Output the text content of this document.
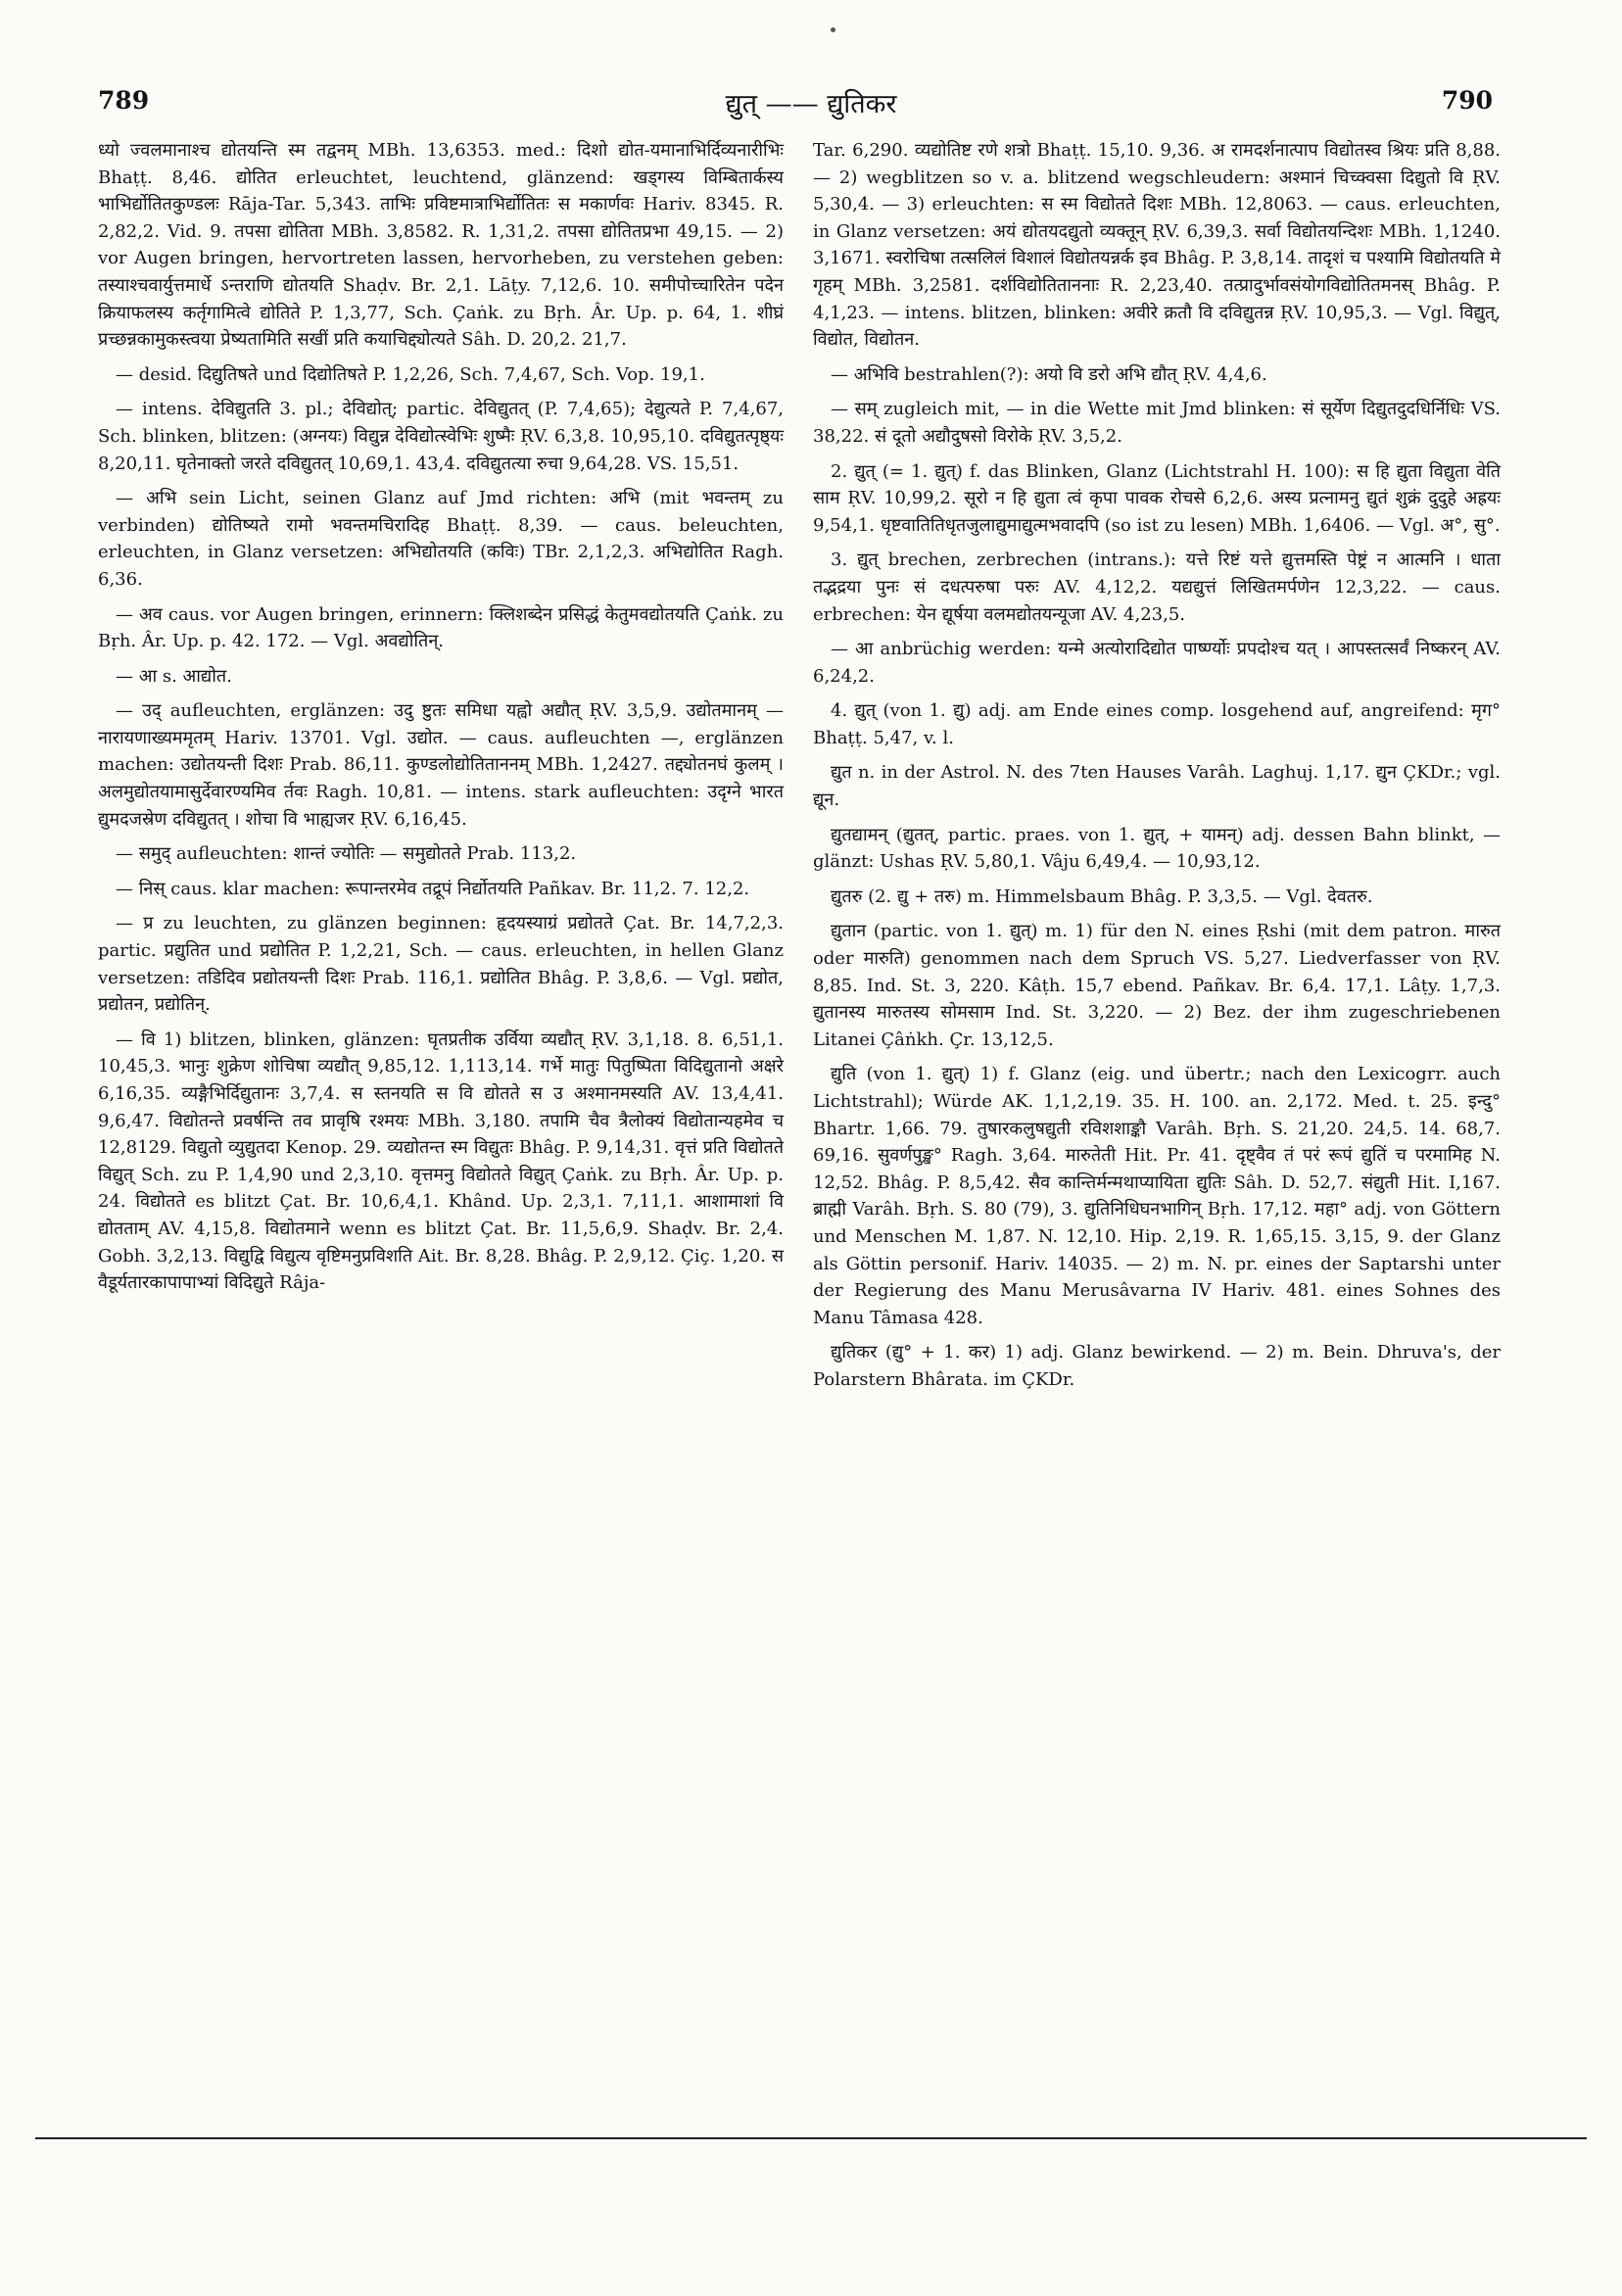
789	द्युत् —— द्युतिकर	790

ध्यो ज्वलमानाश्च द्योतयन्ति स्म तद्वनम् MBh. 13,6353. med.: दिशो द्योत-यमानाभिर्दिव्यनारीभिः Bhaṭṭ. 8,46. द्योतित erleuchtet, leuchtend, glänzend: खड्गस्य विम्बितार्कस्य भाभिर्द्योतितकुण्डलः Rāja-Tar. 5,343. ताभिः प्रविष्टमात्राभिर्द्योतितः स मकार्णवः Hariv. 8345. R. 2,82,2. Vid. 9. तपसा द्योतिता MBh. 3,8582. R. 1,31,2. तपसा द्योतितप्रभा 49,15. — 2) vor Augen bringen, hervortreten lassen, hervorheben, zu verstehen geben: तस्याश्चवार्युत्तमार्धे ऽन्तराणि द्योतयति Shaḍv. Br. 2,1. Lāṭy. 7,12,6. 10. समीपोच्चारितेन पदेन क्रियाफलस्य कर्तृगामित्वे द्योतिते P. 1,3,77, Sch. Çaṅk. zu Bṛh. Âr. Up. p. 64, 1. शीघ्रं प्रच्छन्नकामुकस्त्वया प्रेष्यतामिति सखीं प्रति कयाचिद्द्योत्यते Sâh. D. 20,2. 21,7.

— desid. दिद्युतिषते und दिद्योतिषते P. 1,2,26, Sch. 7,4,67, Sch. Vop. 19,1.

— intens. देविद्युतति 3. pl.; देविद्योत्; partic. देविद्युतत् (P. 7,4,65); देद्युत्यते P. 7,4,67, Sch. blinken, blitzen: (अग्नयः) विद्युन्न देविद्योत्स्वेभिः शुष्मैः ṚV. 6,3,8. 10,95,10. दविद्युतत्पृष्ठ्यः 8,20,11. घृतेनाक्तो जरते दविद्युतत् 10,69,1. 43,4. दविद्युतत्या रुचा 9,64,28. VS. 15,51.

— अभि sein Licht, seinen Glanz auf Jmd richten: अभि (mit भवन्तम् zu verbinden) द्योतिष्यते रामो भवन्तमचिरादिह Bhaṭṭ. 8,39. — caus. beleuchten, erleuchten, in Glanz versetzen: अभिद्योतयति (कविः) TBr. 2,1,2,3. अभिद्योतित Ragh. 6,36.

— अव caus. vor Augen bringen, erinnern: क्लिशब्देन प्रसिद्धं केतुमवद्योतयति Çaṅk. zu Bṛh. Âr. Up. p. 42. 172. — Vgl. अवद्योतिन्.

— आ s. आद्योत.

— उद् aufleuchten, erglänzen: उदु ष्टुतः समिधा यह्वो अद्यौत् ṚV. 3,5,9. उद्योतमानम् — नारायणाख्यममृतम् Hariv. 13701. Vgl. उद्योत. — caus. aufleuchten —, erglänzen machen: उद्योतयन्ती दिशः Prab. 86,11. कुण्डलोद्योतिताननम् MBh. 1,2427. तद्द्योतनघं कुलम् । अलमुद्योतयामासुर्देवारण्यमिव र्तवः Ragh. 10,81. — intens. stark aufleuchten: उदृग्ने भारत द्युमदजस्रेण दविद्युतत् । शोचा वि भाह्यजर ṚV. 6,16,45.

— समुद् aufleuchten: शान्तं ज्योतिः — समुद्योतते Prab. 113,2.

— निस् caus. klar machen: रूपान्तरमेव तद्रूपं निर्द्योतयति Pañkav. Br. 11,2. 7. 12,2.

— प्र zu leuchten, zu glänzen beginnen: हृदयस्याग्रं प्रद्योतते Çat. Br. 14,7,2,3. partic. प्रद्युतित und प्रद्योतित P. 1,2,21, Sch. — caus. erleuchten, in hellen Glanz versetzen: तडिदिव प्रद्योतयन्ती दिशः Prab. 116,1. प्रद्योतित Bhâg. P. 3,8,6. — Vgl. प्रद्योत, प्रद्योतन, प्रद्योतिन्.

— वि 1) blitzen, blinken, glänzen: घृतप्रतीक उर्विया व्यद्यौत् ṚV. 3,1,18. 8. 6,51,1. 10,45,3. भानुः शुक्रेण शोचिषा व्यद्यौत् 9,85,12. 1,113,14. गर्भे मातुः पितुष्पिता विदिद्युतानो अक्षरे 6,16,35. व्यङ्गैभिर्दिद्युतानः 3,7,4. स स्तनयति स वि द्योतते स उ अश्मानमस्यति AV. 13,4,41. 9,6,47. विद्योतन्ते प्रवर्षन्ति तव प्रावृषि रश्मयः MBh. 3,180. तपामि चैव त्रैलोक्यं विद्योतान्यहमेव च 12,8129. विद्युतो व्युद्युतदा Kenop. 29. व्यद्योतन्त स्म विद्युतः Bhâg. P. 9,14,31. वृत्तं प्रति विद्योतते विद्युत् Sch. zu P. 1,4,90 und 2,3,10. वृत्तमनु विद्योतते विद्युत् Çaṅk. zu Bṛh. Âr. Up. p. 24. विद्योतते es blitzt Çat. Br. 10,6,4,1. Khând. Up. 2,3,1. 7,11,1. आशामाशां वि द्योतताम् AV. 4,15,8. विद्योतमाने wenn es blitzt Çat. Br. 11,5,6,9. Shaḍv. Br. 2,4. Gobh. 3,2,13. विद्युद्वि विद्युत्य वृष्टिमनुप्रविशति Ait. Br. 8,28. Bhâg. P. 2,9,12. Çiç. 1,20. स वैडूर्यतारकापापाभ्यां विदिद्युते Râja-

Tar. 6,290. व्यद्योतिष्ट रणे शत्रो Bhaṭṭ. 15,10. 9,36. अ रामदर्शनात्पाप विद्योतस्व श्रियः प्रति 8,88. — 2) wegblitzen so v. a. blitzend wegschleudern: अश्मानं चिच्क्वसा दिद्युतो वि ṚV. 5,30,4. — 3) erleuchten: स स्म विद्योतते दिशः MBh. 12,8063. — caus. erleuchten, in Glanz versetzen: अयं द्योतयदद्युतो व्यक्तून् ṚV. 6,39,3. सर्वा विद्योतयन्दिशः MBh. 1,1240. 3,1671. स्वरोचिषा तत्सलिलं विशालं विद्योतयन्नर्क इव Bhâg. P. 3,8,14. तादृशं च पश्यामि विद्योतयति मे गृहम् MBh. 3,2581. दर्शविद्योतिताननाः R. 2,23,40. तत्प्रादुर्भावसंयोगविद्योतितमनस् Bhâg. P. 4,1,23. — intens. blitzen, blinken: अवीरे क्रतौ वि दविद्युतन्न ṚV. 10,95,3. — Vgl. विद्युत्, विद्योत, विद्योतन.

— अभिवि bestrahlen(?): अयो वि डरो अभि द्यौत् ṚV. 4,4,6.

— सम् zugleich mit, — in die Wette mit Jmd blinken: सं सूर्येण दिद्युतदुदधिर्निधिः VS. 38,22. सं दूतो अद्यौदुषसो विरोके ṚV. 3,5,2.

2. द्युत् (= 1. द्युत्) f. das Blinken, Glanz (Lichtstrahl H. 100): स हि द्युता विद्युता वेति साम ṚV. 10,99,2. सूरो न हि द्युता त्वं कृपा पावक रोचसे 6,2,6. अस्य प्रत्नामनु द्युतं शुक्रं दुदुहे अह्रयः 9,54,1. धृष्टवातितिधृतजुलाद्युमाद्युत्मभवादपि (so ist zu lesen) MBh. 1,6406. — Vgl. अ°, सु°.

3. द्युत् brechen, zerbrechen (intrans.): यत्ते रिष्टं यत्ते द्युत्तमस्ति पेष्ट्रं न आत्मनि । धाता तद्भद्रया पुनः सं दधत्परुषा परुः AV. 4,12,2. यद्यद्युत्तं लिखितमर्पणेन 12,3,22. — caus. erbrechen: येन द्यूर्षया वलमद्योतयन्यूजा AV. 4,23,5.

— आ anbrüchig werden: यन्मे अत्योरादिद्योत पार्ष्ण्योः प्रपदोश्च यत् । आपस्तत्सर्वं निष्करन् AV. 6,24,2.

4. द्युत् (von 1. द्यु) adj. am Ende eines comp. losgehend auf, angreifend: मृग° Bhaṭṭ. 5,47, v. l.

द्युत n. in der Astrol. N. des 7ten Hauses Varâh. Laghuj. 1,17. द्युन ÇKDr.; vgl. द्यून.

द्युतद्यामन् (द्युतत्, partic. praes. von 1. द्युत्, + यामन्) adj. dessen Bahn blinkt, — glänzt: Ushas ṚV. 5,80,1. Vâju 6,49,4. — 10,93,12.

द्युतरु (2. द्यु + तरु) m. Himmelsbaum Bhâg. P. 3,3,5. — Vgl. देवतरु.

द्युतान (partic. von 1. द्युत्) m. 1) für den N. eines Ṛshi (mit dem patron. मारुत oder मारुति) genommen nach dem Spruch VS. 5,27. Liedverfasser von ṚV. 8,85. Ind. St. 3, 220. Kâṭh. 15,7 ebend. Pañkav. Br. 6,4. 17,1. Lâṭy. 1,7,3. द्युतानस्य मारुतस्य सोमसाम Ind. St. 3,220. — 2) Bez. der ihm zugeschriebenen Litanei Çâṅkh. Çr. 13,12,5.

द्युति (von 1. द्युत्) 1) f. Glanz (eig. und übertr.; nach den Lexicogrr. auch Lichtstrahl); Würde AK. 1,1,2,19. 35. H. 100. an. 2,172. Med. t. 25. इन्दु° Bhartr. 1,66. 79. तुषारकलुषद्युती रविशशाङ्कौ Varâh. Bṛh. S. 21,20. 24,5. 14. 68,7. 69,16. सुवर्णपुङ्ख° Ragh. 3,64. मारुतेती Hit. Pr. 41. दृष्ट्वैव तं परं रूपं द्युतिं च परमामिह N. 12,52. Bhâg. P. 8,5,42. सैव कान्तिर्मन्मथाप्यायिता द्युतिः Sâh. D. 52,7. संद्युती Hit. I,167. ब्राह्मी Varâh. Bṛh. S. 80 (79), 3. द्युतिनिधिघनभागिन् Bṛh. 17,12. महा° adj. von Göttern und Menschen M. 1,87. N. 12,10. Hip. 2,19. R. 1,65,15. 3,15, 9. der Glanz als Göttin personif. Hariv. 14035. — 2) m. N. pr. eines der Saptarshi unter der Regierung des Manu Merusâvarna IV Hariv. 481. eines Sohnes des Manu Tâmasa 428.

द्युतिकर (द्यु° + 1. कर) 1) adj. Glanz bewirkend. — 2) m. Bein. Dhruva's, der Polarstern Bhârata. im ÇKDr.
